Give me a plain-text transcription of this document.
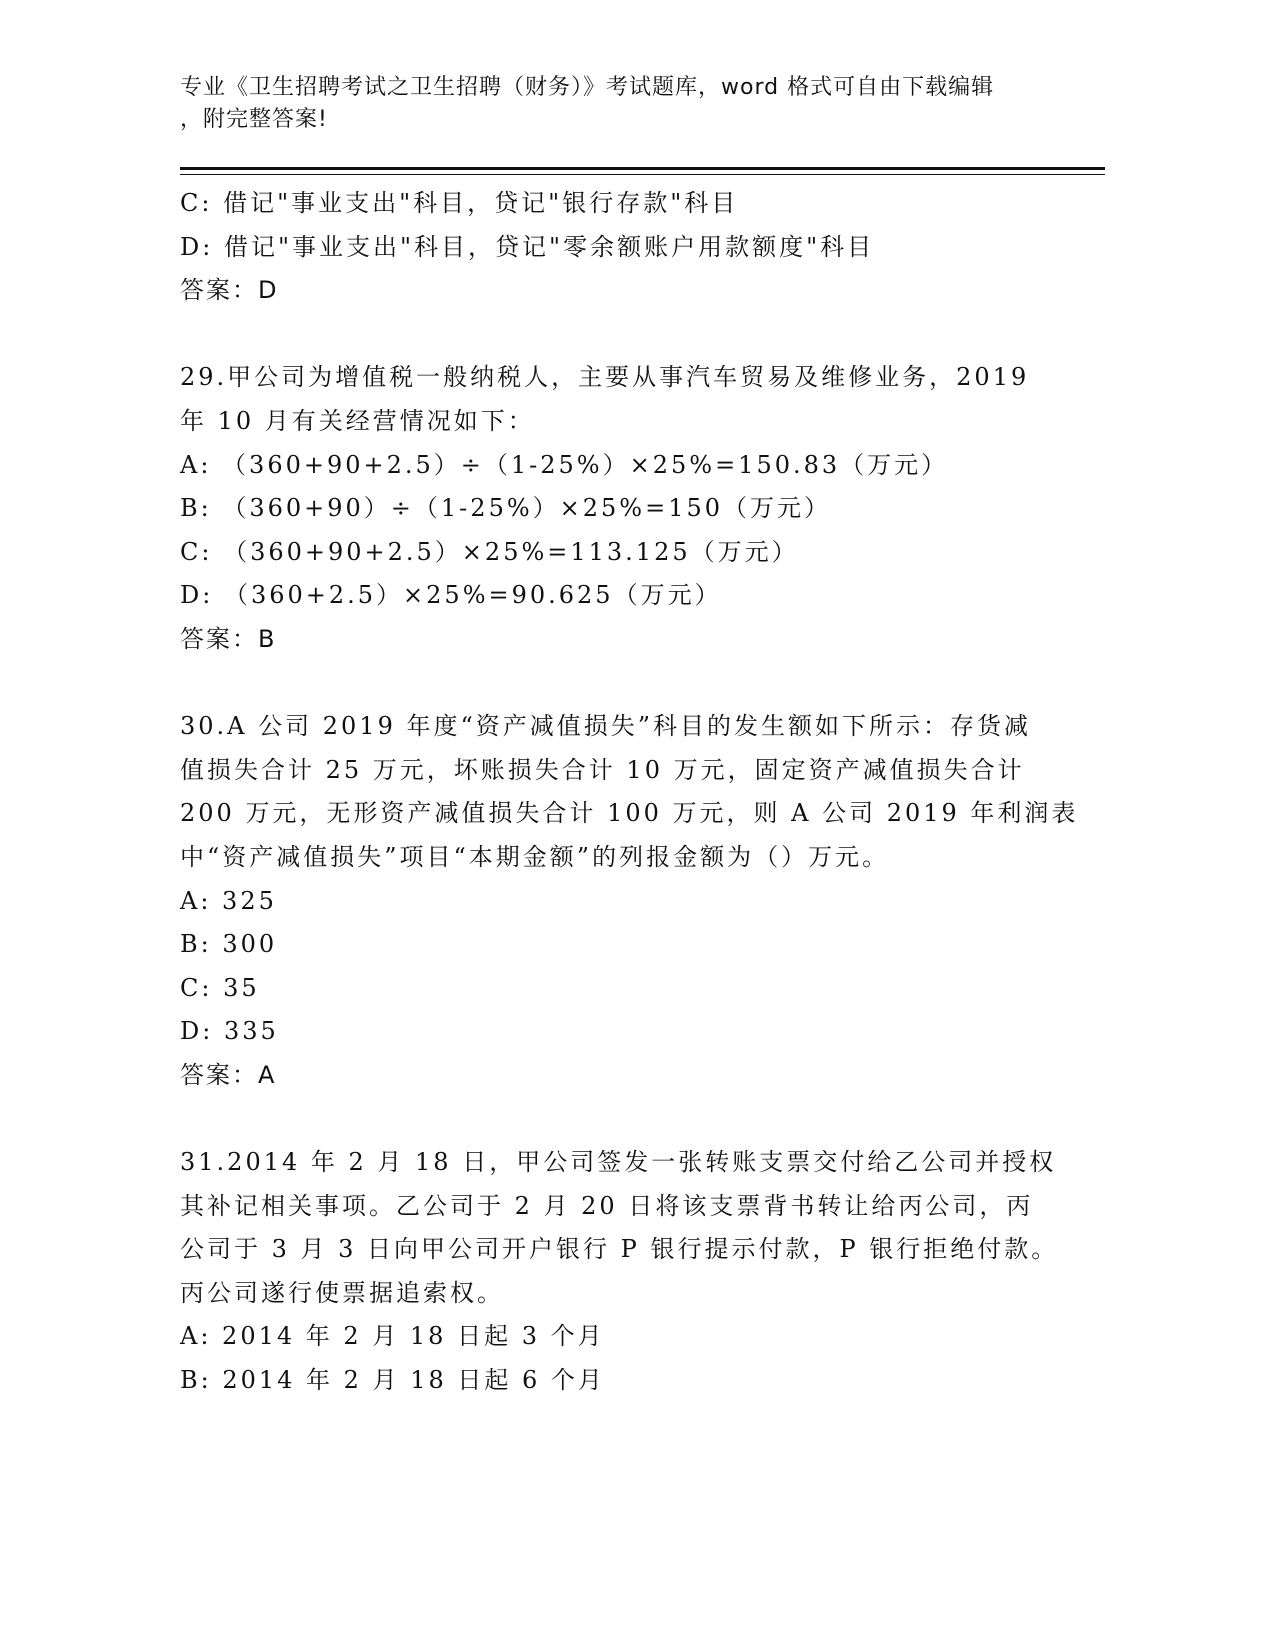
专业《卫生招聘考试之卫生招聘（财务）》考试题库，word 格式可自由下载编辑
，附完整答案!
C: 借记"事业支出"科目，贷记"银行存款"科目
D: 借记"事业支出"科目，贷记"零余额账户用款额度"科目
答案：D
29.甲公司为增值税一般纳税人，主要从事汽车贸易及维修业务，2019
年 10 月有关经营情况如下：
A: （360+90+2.5）÷（1-25%）×25%=150.83（万元）
B: （360+90）÷（1-25%）×25%=150（万元）
C: （360+90+2.5）×25%=113.125（万元）
D: （360+2.5）×25%=90.625（万元）
答案：B
30.A 公司 2019 年度“资产减值损失”科目的发生额如下所示：存货减
值损失合计 25 万元，坏账损失合计 10 万元，固定资产减值损失合计
200 万元，无形资产减值损失合计 100 万元，则 A 公司 2019 年利润表
中“资产减值损失”项目“本期金额”的列报金额为（）万元。
A: 325
B: 300
C: 35
D: 335
答案：A
31.2014 年 2 月 18 日，甲公司签发一张转账支票交付给乙公司并授权
其补记相关事项。乙公司于 2 月 20 日将该支票背书转让给丙公司，丙
公司于 3 月 3 日向甲公司开户银行 P 银行提示付款，P 银行拒绝付款。
丙公司遂行使票据追索权。
A: 2014 年 2 月 18 日起 3 个月
B: 2014 年 2 月 18 日起 6 个月
